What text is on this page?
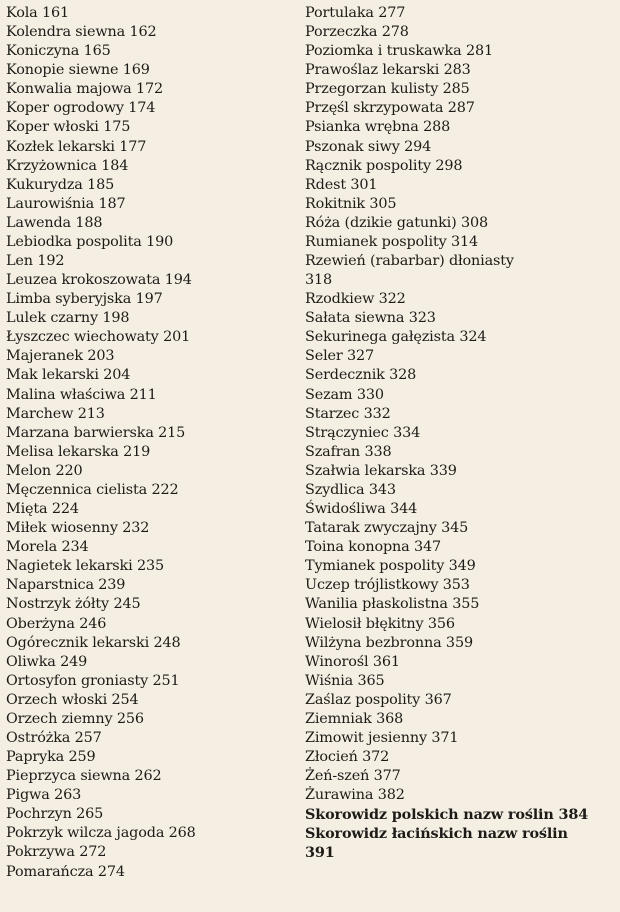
Kola 161
Kolendra siewna 162
Koniczyna 165
Konopie siewne 169
Konwalia majowa 172
Koper ogrodowy 174
Koper włoski 175
Kozłek lekarski 177
Krzyżownica 184
Kukurydza 185
Laurowiśnia 187
Lawenda 188
Lebiodka pospolita 190
Len 192
Leuzea krokoszowata 194
Limba syberyjska 197
Lulek czarny 198
Łyszczec wiechowaty 201
Majeranek 203
Mak lekarski 204
Malina właściwa 211
Marchew 213
Marzana barwierska 215
Melisa lekarska 219
Melon 220
Męczennica cielista 222
Mięta 224
Miłek wiosenny 232
Morela 234
Nagietek lekarski 235
Naparstnica 239
Nostrzyk żółty 245
Oberżyna 246
Ogórecznik lekarski 248
Oliwka 249
Ortosyfon groniasty 251
Orzech włoski 254
Orzech ziemny 256
Ostróżka 257
Papryka 259
Pieprzyca siewna 262
Pigwa 263
Pochrzyn 265
Pokrzyk wilcza jagoda 268
Pokrzywa 272
Pomarańcza 274
Portulaka 277
Porzeczka 278
Poziomka i truskawka 281
Prawoślaz lekarski 283
Przegorzan kulisty 285
Przęśl skrzypowata 287
Psianka wrębna 288
Pszonak siwy 294
Rącznik pospolity 298
Rdest 301
Rokitnik 305
Róża (dzikie gatunki) 308
Rumianek pospolity 314
Rzewień (rabarbar) dłoniasty
318
Rzodkiew 322
Sałata siewna 323
Sekurinega gałęzista 324
Seler 327
Serdecznik 328
Sezam 330
Starzec 332
Strączyniec 334
Szafran 338
Szałwia lekarska 339
Szydlica 343
Świdośliwa 344
Tatarak zwyczajny 345
Toina konopna 347
Tymianek pospolity 349
Uczep trójlistkowy 353
Wanilia płaskolistna 355
Wielosił błękitny 356
Wilżyna bezbronna 359
Winorośl 361
Wiśnia 365
Zaślaz pospolity 367
Ziemniak 368
Zimowit jesienny 371
Złocień 372
Żeń-szeń 377
Żurawina 382
Skorowidz polskich nazw roślin 384
Skorowidz łacińskich nazw roślin 391
